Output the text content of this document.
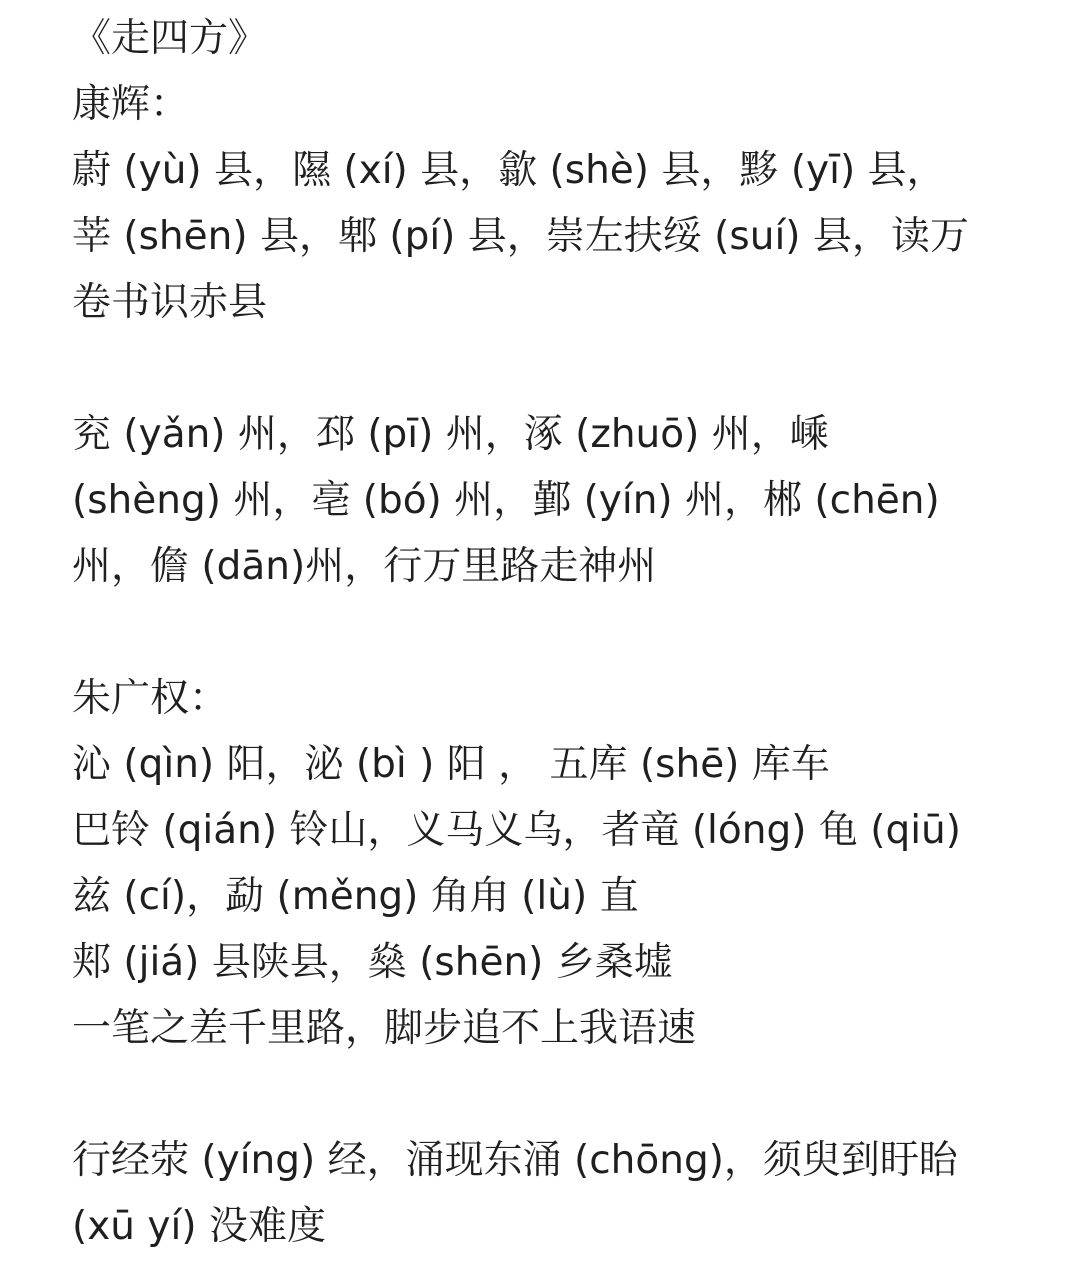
《走四方》

康辉：

蔚 (yù) 县，隰 (xí) 县，歙 (shè) 县，黟 (yī) 县，

莘 (shēn) 县，郫 (pí) 县，崇左扶绥 (suí) 县，读万

卷书识赤县

兖 (yǎn) 州，邳 (pī) 州，涿 (zhuō) 州，嵊

(shèng) 州，亳 (bó) 州，鄞 (yín) 州，郴 (chēn)

州，儋 (dān)州，行万里路走神州

朱广权：

沁 (qìn) 阳，泌 (bì ) 阳 ， 五库 (shē) 库车

巴铃 (qián) 铃山，义马义乌，者竜 (lóng) 龟 (qiū)

兹 (cí)，勐 (měng) 角甪 (lù) 直

郏 (jiá) 县陕县，燊 (shēn) 乡桑墟

一笔之差千里路，脚步追不上我语速

行经荥 (yíng) 经，涌现东涌 (chōng)，须臾到盱眙

(xū yí) 没难度
